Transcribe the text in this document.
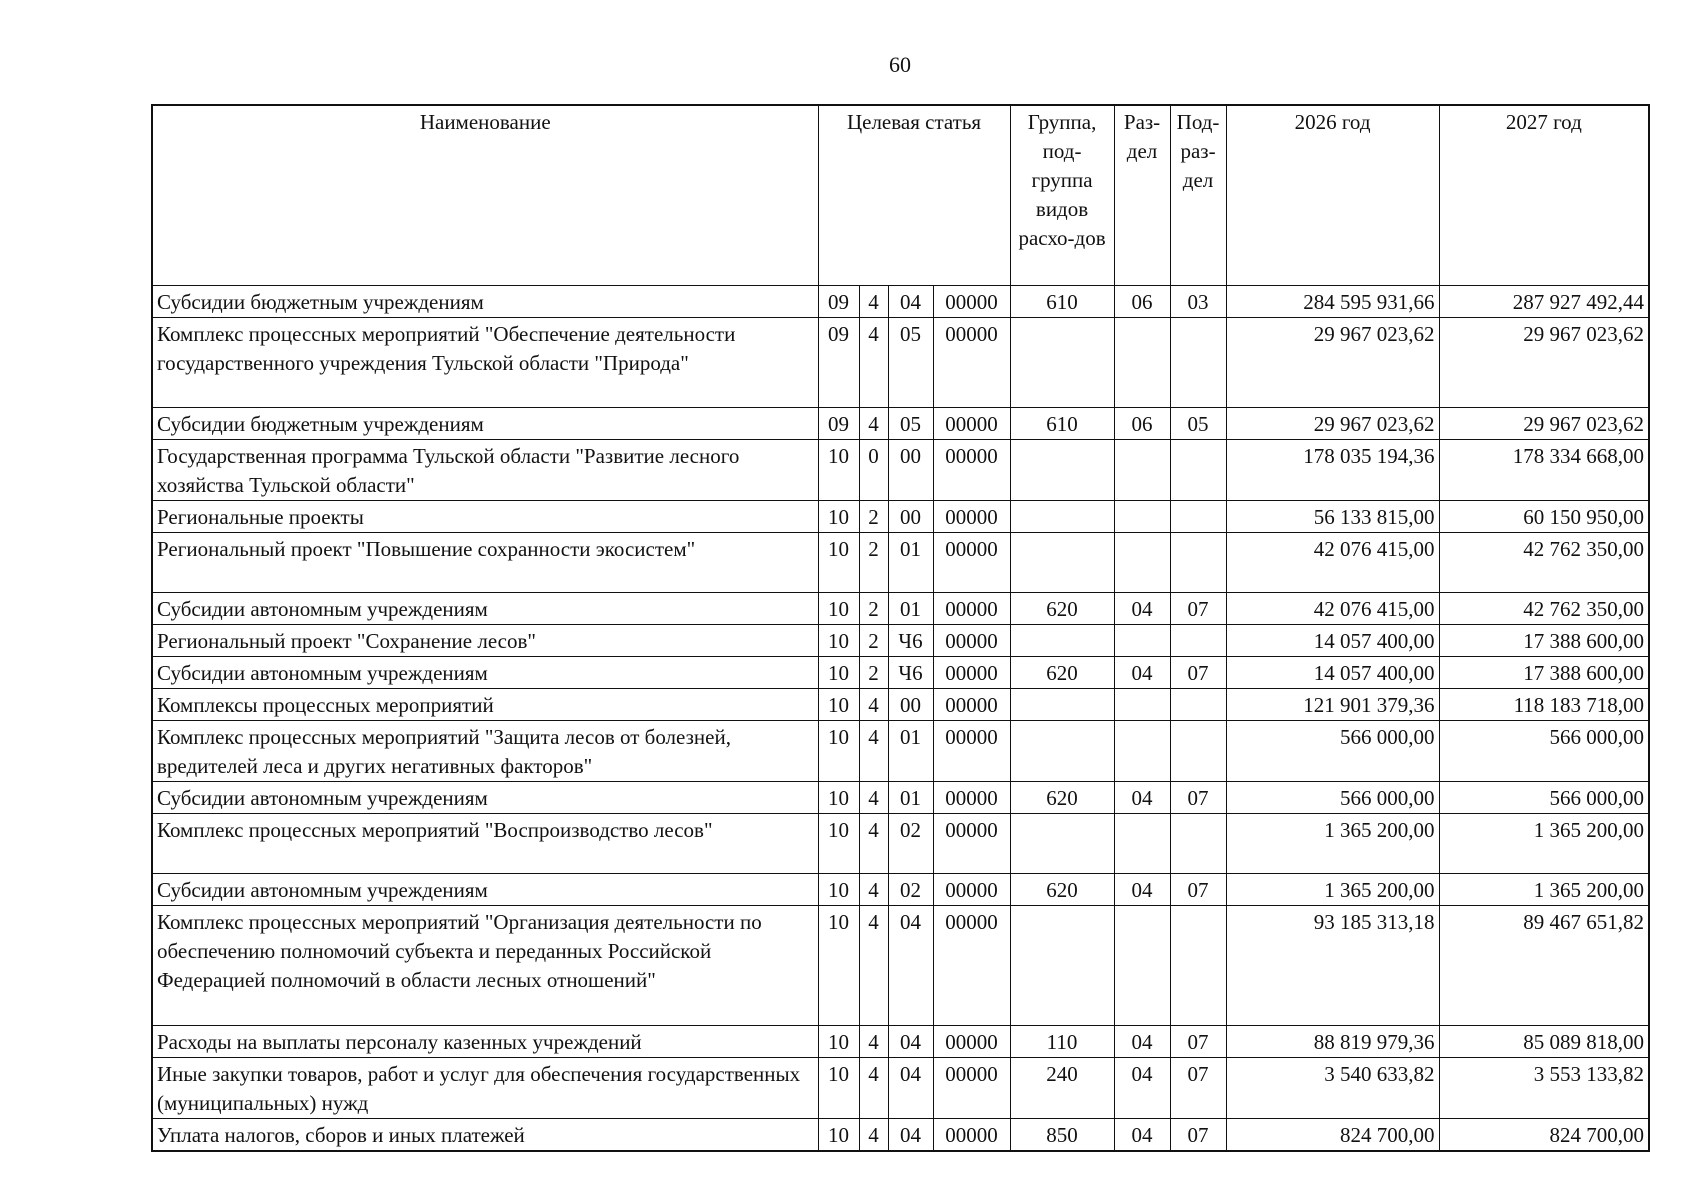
60
Наименование	Целевая статья				Группа, под-группа видов расхо-дов	Раз-дел	Под-раз-дел	2026 год	2027 год
Субсидии бюджетным учреждениям	09	4	04	00000	610	06	03	284 595 931,66	287 927 492,44
Комплекс процессных мероприятий "Обеспечение деятельности государственного учреждения Тульской области "Природа"	09	4	05	00000				29 967 023,62	29 967 023,62
Субсидии бюджетным учреждениям	09	4	05	00000	610	06	05	29 967 023,62	29 967 023,62
Государственная программа Тульской области "Развитие лесного хозяйства Тульской области"	10	0	00	00000				178 035 194,36	178 334 668,00
Региональные проекты	10	2	00	00000				56 133 815,00	60 150 950,00
Региональный проект "Повышение сохранности экосистем"	10	2	01	00000				42 076 415,00	42 762 350,00
Субсидии автономным учреждениям	10	2	01	00000	620	04	07	42 076 415,00	42 762 350,00
Региональный проект "Сохранение лесов"	10	2	Ч6	00000				14 057 400,00	17 388 600,00
Субсидии автономным учреждениям	10	2	Ч6	00000	620	04	07	14 057 400,00	17 388 600,00
Комплексы процессных мероприятий	10	4	00	00000				121 901 379,36	118 183 718,00
Комплекс процессных мероприятий "Защита лесов от болезней, вредителей леса и других негативных факторов"	10	4	01	00000				566 000,00	566 000,00
Субсидии автономным учреждениям	10	4	01	00000	620	04	07	566 000,00	566 000,00
Комплекс процессных мероприятий "Воспроизводство лесов"	10	4	02	00000				1 365 200,00	1 365 200,00
Субсидии автономным учреждениям	10	4	02	00000	620	04	07	1 365 200,00	1 365 200,00
Комплекс процессных мероприятий "Организация деятельности по обеспечению полномочий субъекта и переданных Российской Федерацией полномочий в области лесных отношений"	10	4	04	00000				93 185 313,18	89 467 651,82
Расходы на выплаты персоналу казенных учреждений	10	4	04	00000	110	04	07	88 819 979,36	85 089 818,00
Иные закупки товаров, работ и услуг для обеспечения государственных (муниципальных) нужд	10	4	04	00000	240	04	07	3 540 633,82	3 553 133,82
Уплата налогов, сборов и иных платежей	10	4	04	00000	850	04	07	824 700,00	824 700,00
